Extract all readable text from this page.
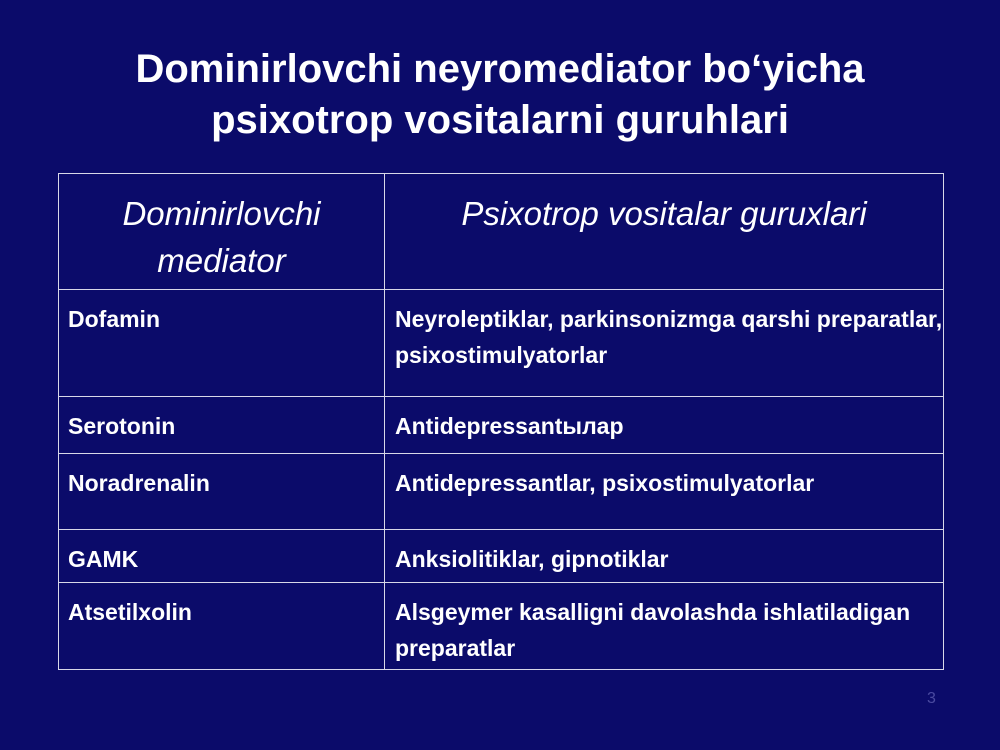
Dominirlovchi neyromediator bo‘yicha
psixotrop vositalarni guruhlari
Dominirlovchi mediator	Psixotrop vositalar guruxlari
Dofamin	Neyroleptiklar, parkinsonizmga qarshi preparatlar, psixostimulyatorlar
Serotonin	Antidepressantылар
Noradrenalin	Antidepressantlar, psixostimulyatorlar
GAMK	Anksiolitiklar, gipnotiklar
Atsetilxolin	Alsgeymer kasalligni davolashda ishlatiladigan preparatlar
3
